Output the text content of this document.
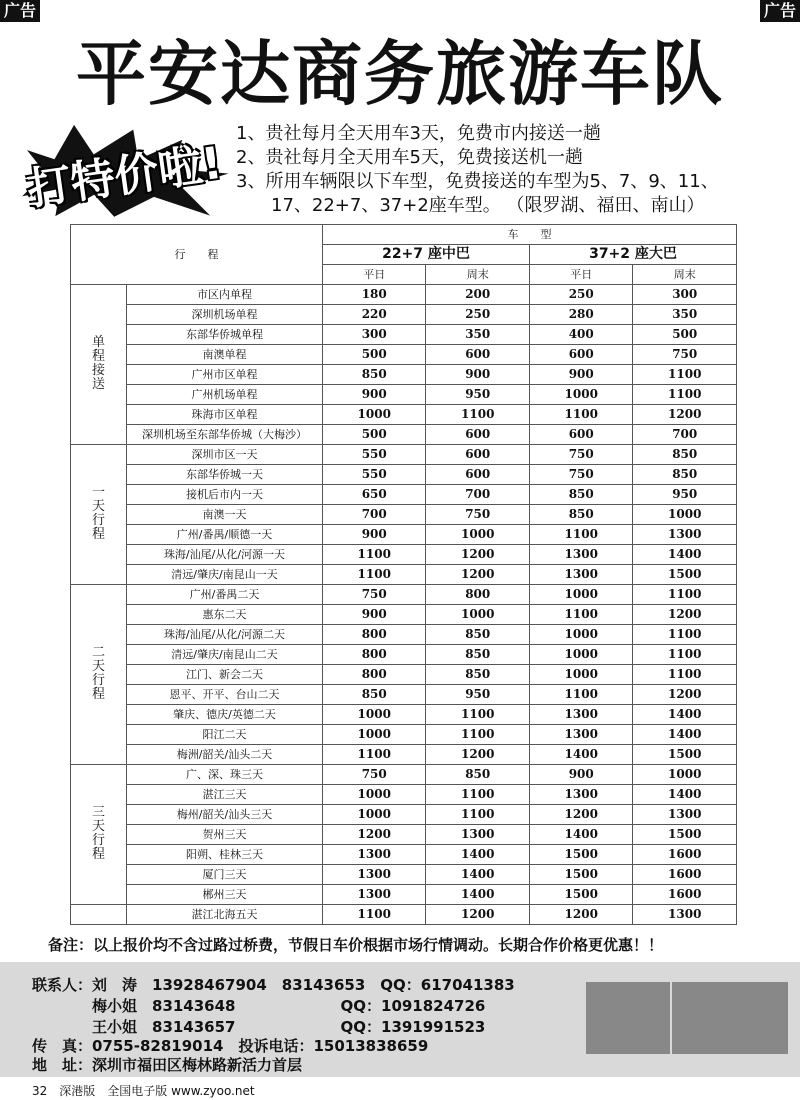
广告	广告
平安达商务旅游车队
打特价啦!
1、贵社每月全天用车3天，免费市内接送一趟
2、贵社每月全天用车5天，免费接送机一趟
3、所用车辆限以下车型，免费接送的车型为5、7、9、11、
17、22+7、37+2座车型。 （限罗湖、福田、南山）
行　　程		车　　型			
		22+7 座中巴		37+2 座大巴	
		平日	周末	平日	周末
单程接送	市区内单程	180	200	250	300
	深圳机场单程	220	250	280	350
	东部华侨城单程	300	350	400	500
	南澳单程	500	600	600	750
	广州市区单程	850	900	900	1100
	广州机场单程	900	950	1000	1100
	珠海市区单程	1000	1100	1100	1200
	深圳机场至东部华侨城（大梅沙）	500	600	600	700
一天行程	深圳市区一天	550	600	750	850
	东部华侨城一天	550	600	750	850
	接机后市内一天	650	700	850	950
	南澳一天	700	750	850	1000
	广州/番禺/顺德一天	900	1000	1100	1300
	珠海/汕尾/从化/河源一天	1100	1200	1300	1400
	清远/肇庆/南昆山一天	1100	1200	1300	1500
二天行程	广州/番禺二天	750	800	1000	1100
	惠东二天	900	1000	1100	1200
	珠海/汕尾/从化/河源二天	800	850	1000	1100
	清远/肇庆/南昆山二天	800	850	1000	1100
	江门、新会二天	800	850	1000	1100
	恩平、开平、台山二天	850	950	1100	1200
	肇庆、德庆/英德二天	1000	1100	1300	1400
	阳江二天	1000	1100	1300	1400
	梅洲/韶关/汕头二天	1100	1200	1400	1500
三天行程	广、深、珠三天	750	850	900	1000
	湛江三天	1000	1100	1300	1400
	梅州/韶关/汕头三天	1000	1100	1200	1300
	贺州三天	1200	1300	1400	1500
	阳朔、桂林三天	1300	1400	1500	1600
	厦门三天	1300	1400	1500	1600
	郴州三天	1300	1400	1500	1600
	湛江北海五天	1100	1200	1200	1300
备注：以上报价均不含过路过桥费，节假日车价根据市场行情调动。长期合作价格更优惠！！
联系人：刘　涛　13928467904　83143653　QQ：617041383
　　　　梅小姐　83143648　　　　　　　QQ：1091824726
　　　　王小姐　83143657　　　　　　　QQ：1391991523
传　真：0755-82819014　投诉电话：15013838659
地　址：深圳市福田区梅林路新活力首层
32　深港版　全国电子版 www.zyoo.net
